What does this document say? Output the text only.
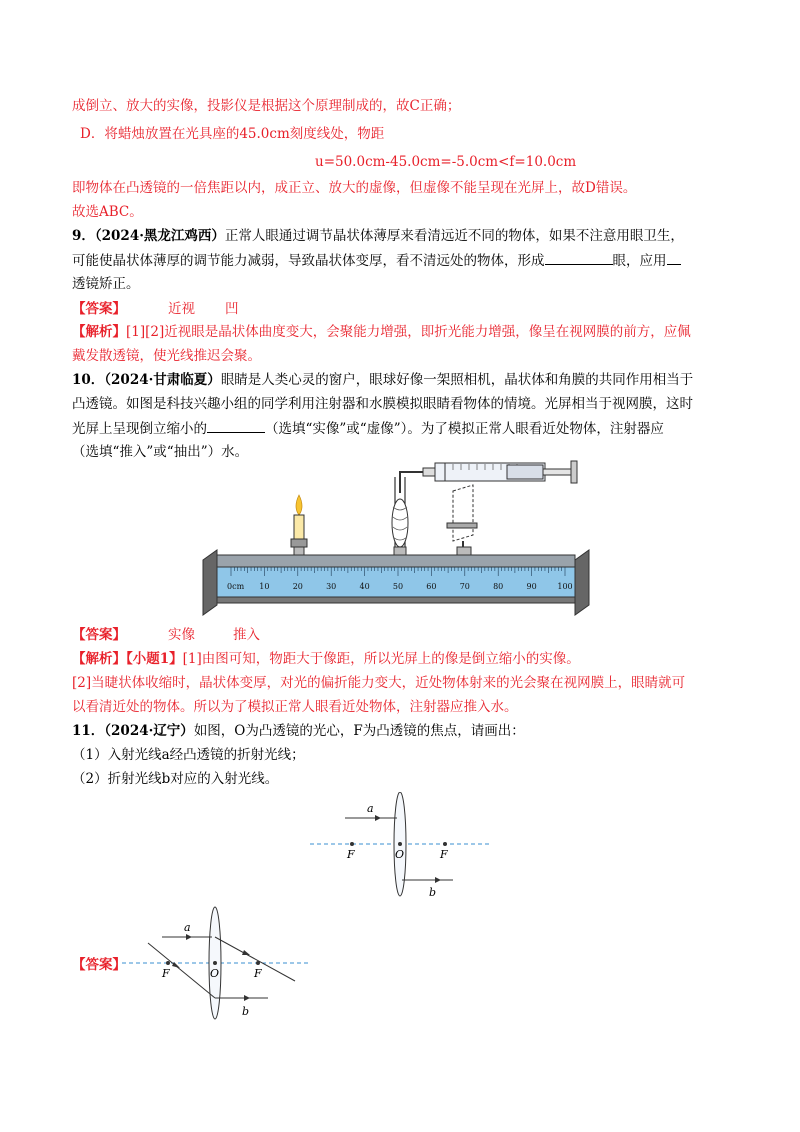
成倒立、放大的实像，投影仪是根据这个原理制成的，故C正确；
D．将蜡烛放置在光具座的45.0cm刻度线处，物距
u=50.0cm-45.0cm=-5.0cm<f=10.0cm
即物体在凸透镜的一倍焦距以内，成正立、放大的虚像，但虚像不能呈现在光屏上，故D错误。
故选ABC。
9．（2024·黑龙江鸡西）正常人眼通过调节晶状体薄厚来看清远近不同的物体，如果不注意用眼卫生，
可能使晶状体薄厚的调节能力减弱，导致晶状体变厚，看不清远处的物体，形成	眼，应用
透镜矫正。
【答案】	近视 凹
【解析】[1][2]近视眼是晶状体曲度变大，会聚能力增强，即折光能力增强，像呈在视网膜的前方，应佩
戴发散透镜，使光线推迟会聚。
10．（2024·甘肃临夏）眼睛是人类心灵的窗户，眼球好像一架照相机，晶状体和角膜的共同作用相当于
凸透镜。如图是科技兴趣小组的同学利用注射器和水膜模拟眼睛看物体的情境。光屏相当于视网膜，这时
光屏上呈现倒立缩小的	（选填“实像”或“虚像”）。为了模拟正常人眼看近处物体，注射器应
（选填“推入”或“抽出”）水。
0cm 10	20	30	40	50	60	70	80	90	100
【答案】	实像	推入
【解析】【小题1】[1]由图可知，物距大于像距，所以光屏上的像是倒立缩小的实像。
[2]当睫状体收缩时，晶状体变厚，对光的偏折能力变大，近处物体射来的光会聚在视网膜上，眼睛就可
以看清近处的物体。所以为了模拟正常人眼看近处物体，注射器应推入水。
11．（2024·辽宁）如图，O为凸透镜的光心，F为凸透镜的焦点，请画出：
（1）入射光线a经凸透镜的折射光线；
（2）折射光线b对应的入射光线。
a
F	O	F
b
【答案】
a
F	O	F
b
